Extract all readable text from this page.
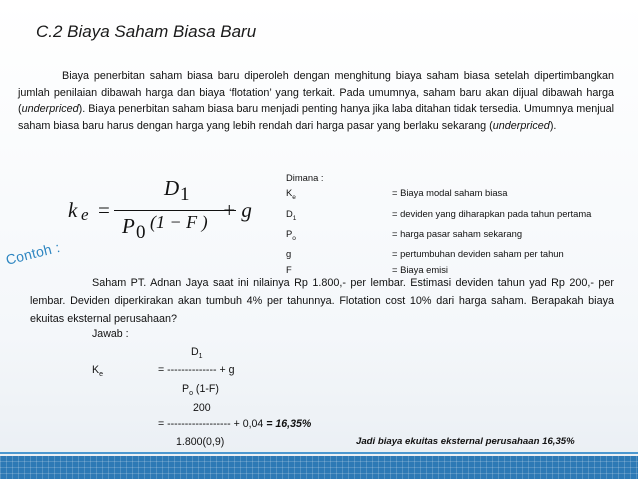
C.2 Biaya Saham Biasa Baru

Biaya penerbitan saham biasa baru diperoleh dengan menghitung biaya saham biasa setelah dipertimbangkan jumlah penilaian dibawah harga dan biaya ‘flotation’ yang terkait. Pada umumnya, saham baru akan dijual dibawah harga (underpriced). Biaya penerbitan saham biasa baru menjadi penting hanya jika laba ditahan tidak tersedia. Umumnya menjual saham biasa baru harus dengan harga yang lebih rendah dari harga pasar yang berlaku sekarang (underpriced).

k e =
D 1
P 0 (1 − F ) + g
Dimana :
$K_e$	= Biaya modal saham biasa
$D_1$	= deviden yang diharapkan pada tahun pertama
$P_o$	= harga pasar saham sekarang
g	= pertumbuhan deviden saham per tahun
F	= Biaya emisi
Contoh :

Saham PT. Adnan Jaya saat ini nilainya Rp 1.800,- per lembar. Estimasi deviden tahun yad Rp 200,- per lembar. Deviden diperkirakan akan tumbuh 4% per tahunnya. Flotation cost 10% dari harga saham. Berapakah biaya ekuitas eksternal perusahaan?

Jawab :
$D_1$
$K_e$	= -------------- + g
$P_o$ (1-F)
200
= ------------------ + 0,04 = 16,35%
1.800(0,9)	Jadi biaya ekuitas eksternal perusahaan 16,35%
